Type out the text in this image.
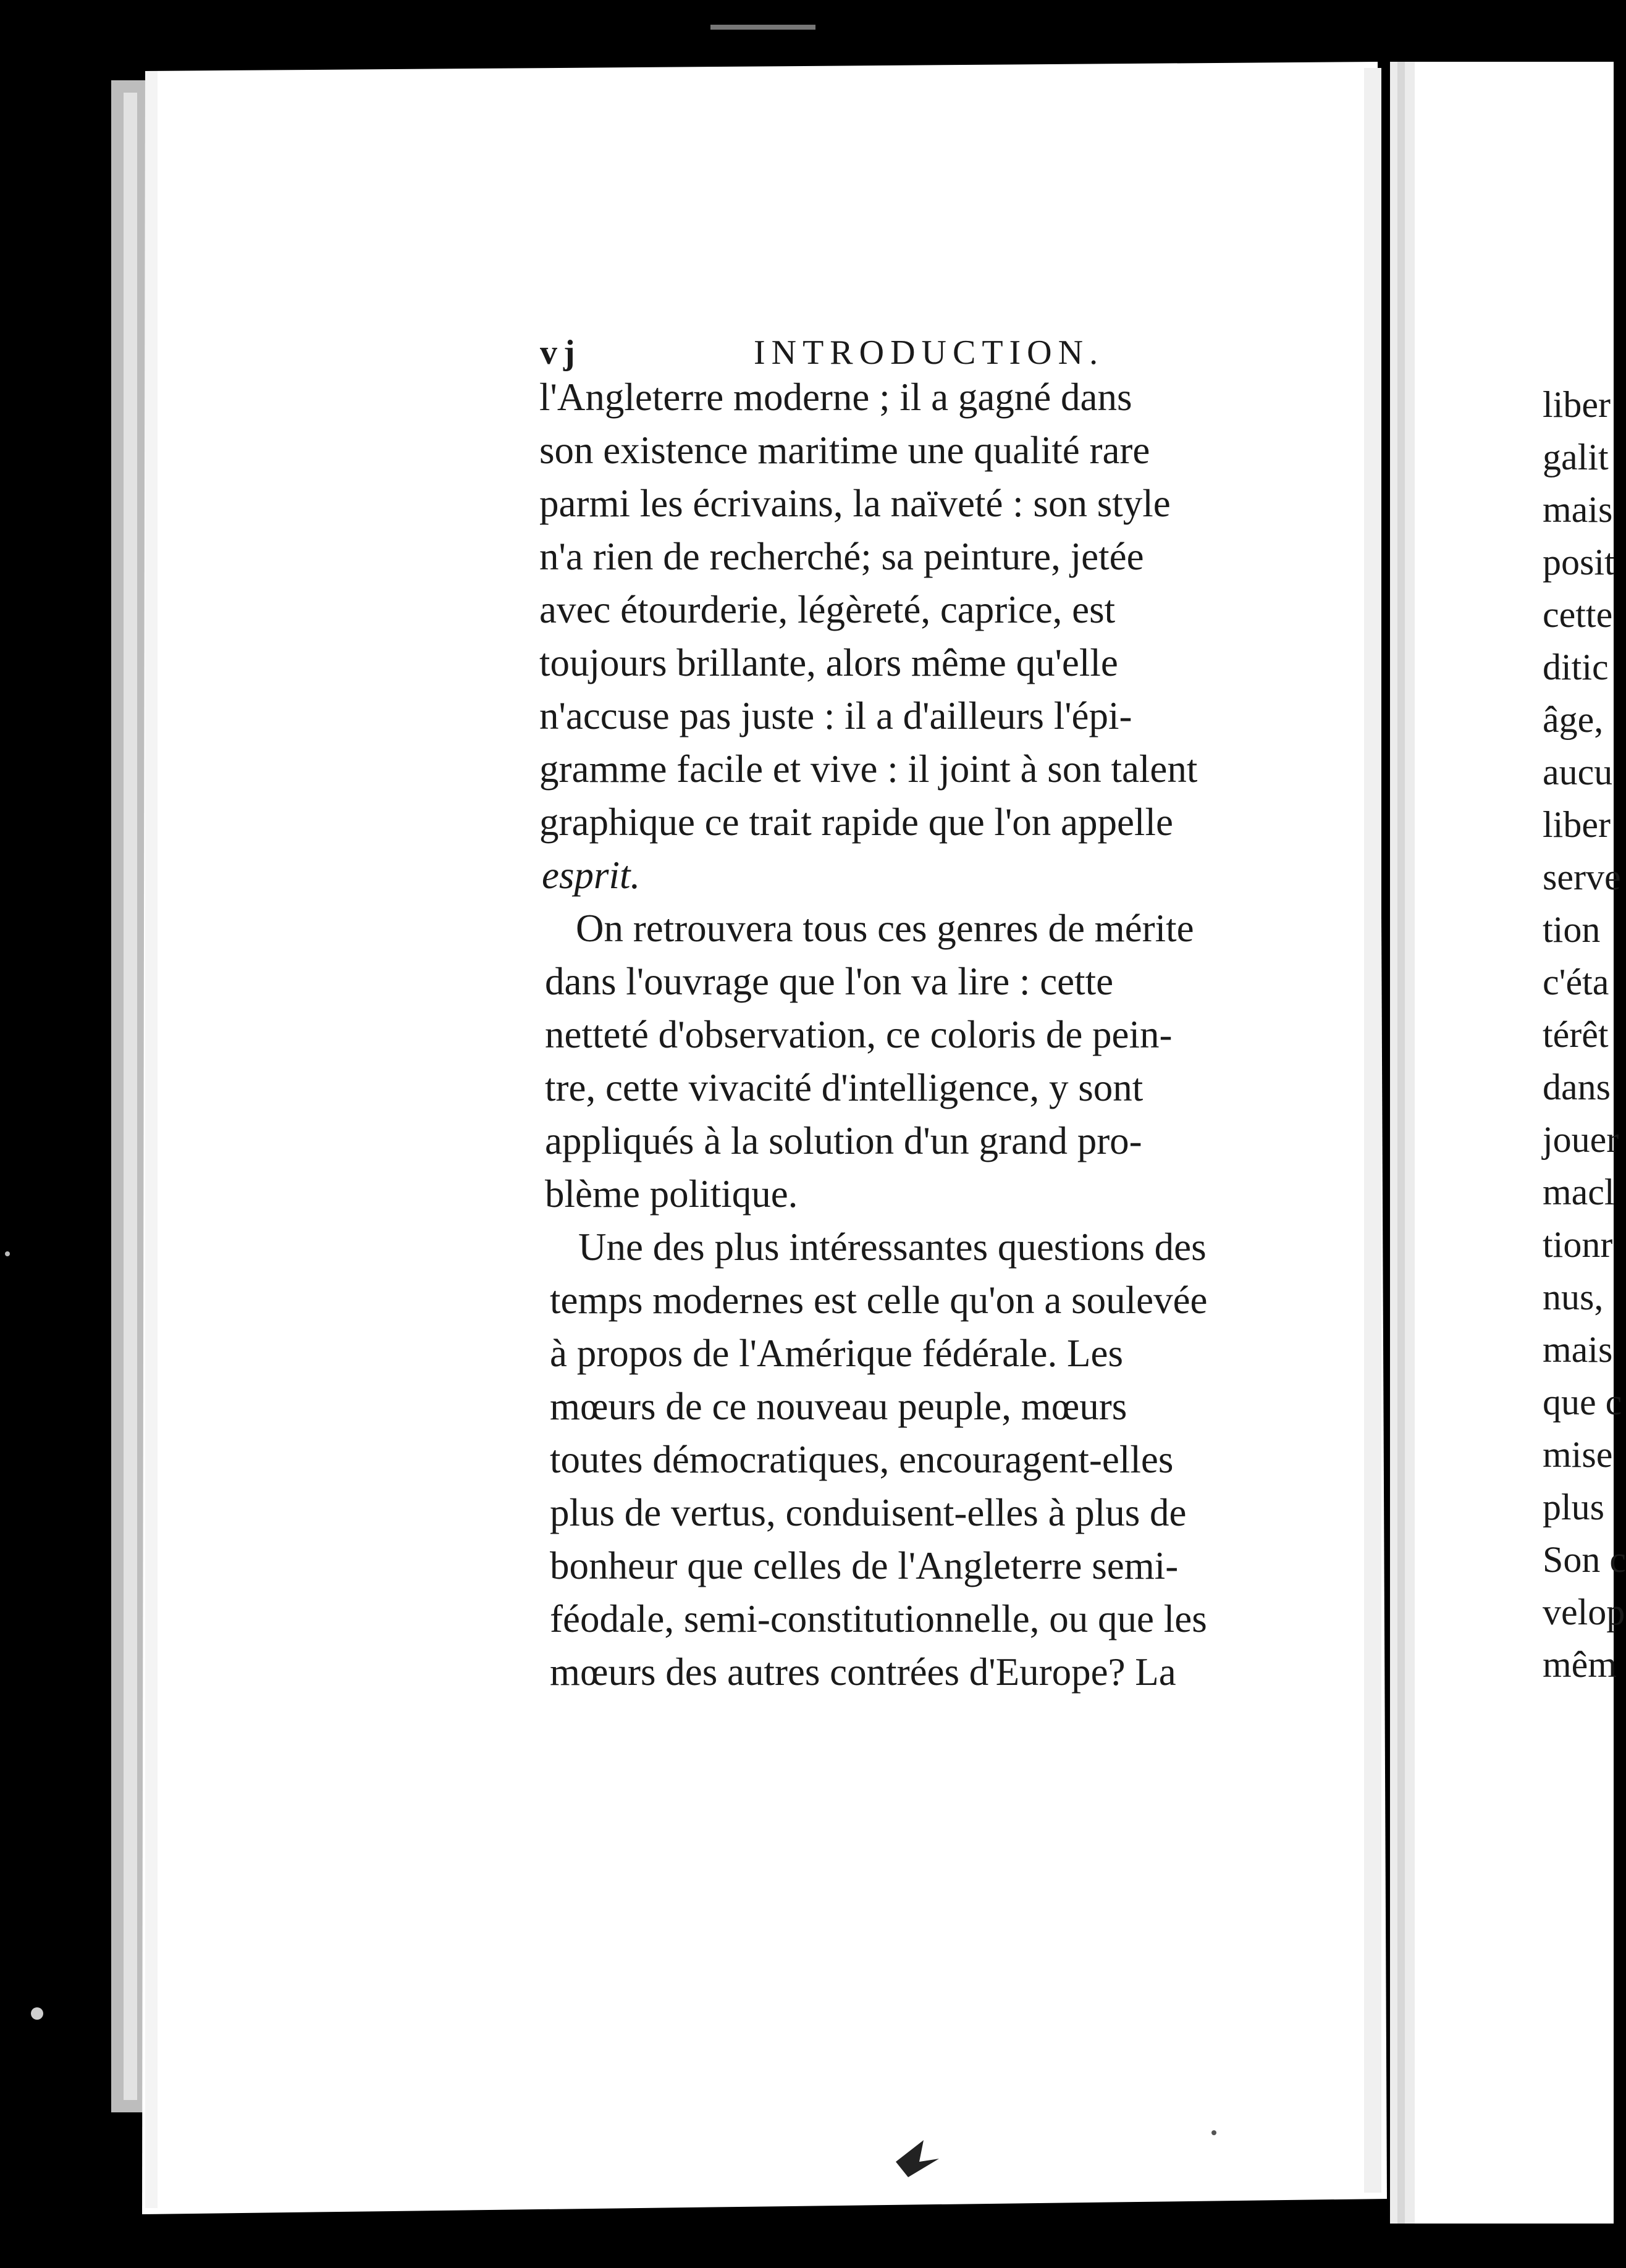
vj	INTRODUCTION.
l'Angleterre moderne ; il a gagné dans
son existence maritime une qualité rare
parmi les écrivains, la naïveté : son style
n'a rien de recherché; sa peinture, jetée
avec étourderie, légèreté, caprice, est
toujours brillante, alors même qu'elle
n'accuse pas juste : il a d'ailleurs l'épi-
gramme facile et vive : il joint à son talent
graphique ce trait rapide que l'on appelle
esprit.
On retrouvera tous ces genres de mérite
dans l'ouvrage que l'on va lire : cette
netteté d'observation, ce coloris de pein-
tre, cette vivacité d'intelligence, y sont
appliqués à la solution d'un grand pro-
blème politique.
Une des plus intéressantes questions des
temps modernes est celle qu'on a soulevée
à propos de l'Amérique fédérale. Les
mœurs de ce nouveau peuple, mœurs
toutes démocratiques, encouragent-elles
plus de vertus, conduisent-elles à plus de
bonheur que celles de l'Angleterre semi-
féodale, semi-constitutionnelle, ou que les
mœurs des autres contrées d'Europe? La
liber
galit
mais
posit
cette
ditic
âge,
aucu
liber
serve
tion
c'éta
térêt
dans
jouer
macl
tionr
nus,
mais
que c
mise
plus
Son c
velop
mêm
